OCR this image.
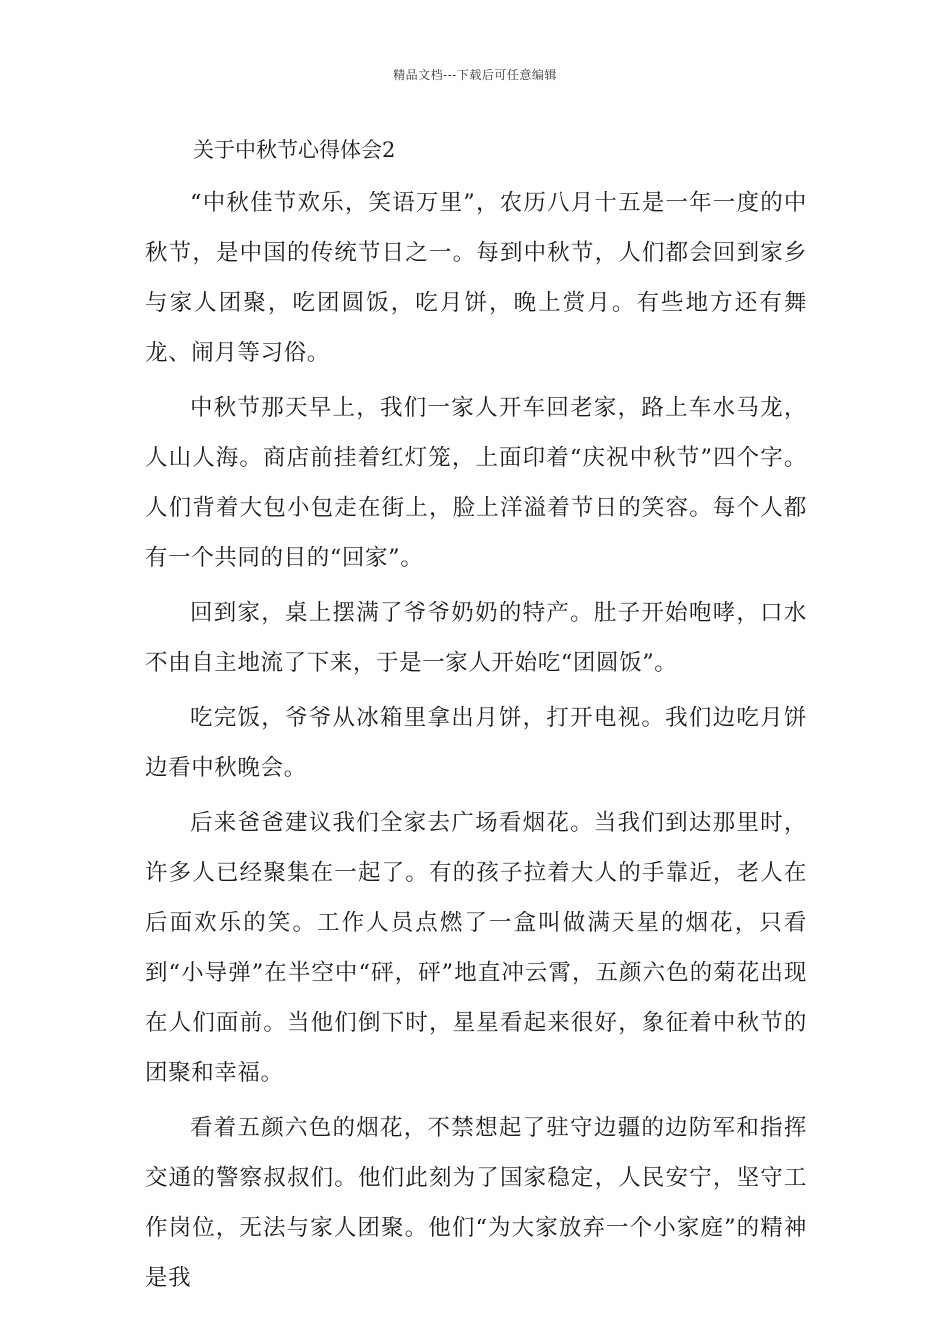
精品文档---下载后可任意编辑
关于中秋节心得体会2

“中秋佳节欢乐，笑语万里”，农历八月十五是一年一度的中秋节，是中国的传统节日之一。每到中秋节，人们都会回到家乡与家人团聚，吃团圆饭，吃月饼，晚上赏月。有些地方还有舞龙、闹月等习俗。

中秋节那天早上，我们一家人开车回老家，路上车水马龙，人山人海。商店前挂着红灯笼，上面印着“庆祝中秋节”四个字。人们背着大包小包走在街上，脸上洋溢着节日的笑容。每个人都有一个共同的目的“回家”。

回到家，桌上摆满了爷爷奶奶的特产。肚子开始咆哮，口水不由自主地流了下来，于是一家人开始吃“团圆饭”。

吃完饭，爷爷从冰箱里拿出月饼，打开电视。我们边吃月饼边看中秋晚会。

后来爸爸建议我们全家去广场看烟花。当我们到达那里时，许多人已经聚集在一起了。有的孩子拉着大人的手靠近，老人在后面欢乐的笑。工作人员点燃了一盒叫做满天星的烟花，只看到“小导弹”在半空中“砰，砰”地直冲云霄，五颜六色的菊花出现在人们面前。当他们倒下时，星星看起来很好，象征着中秋节的团聚和幸福。

看着五颜六色的烟花，不禁想起了驻守边疆的边防军和指挥交通的警察叔叔们。他们此刻为了国家稳定，人民安宁，坚守工作岗位，无法与家人团聚。他们“为大家放弃一个小家庭”的精神是我
